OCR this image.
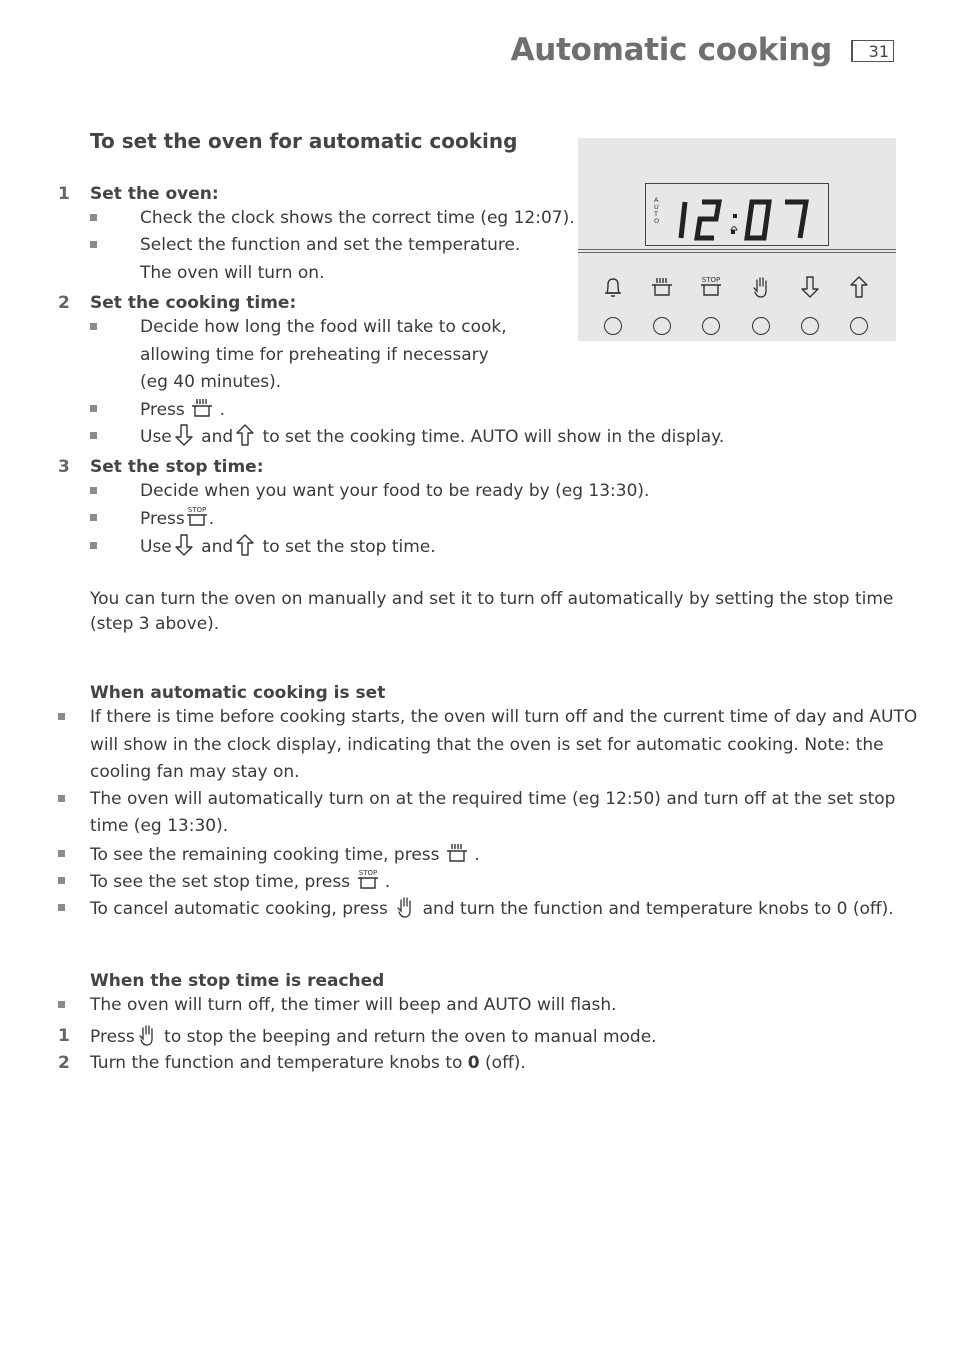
Automatic cooking	31
A U T O
To set the oven for automatic cooking
1 Set the oven:
Check the clock shows the correct time (eg 12:07).
Select the function and set the temperature.
The oven will turn on.
2 Set the cooking time:
Decide how long the food will take to cook,
allowing time for preheating if necessary
(eg 40 minutes).
Press .
Use and to set the cooking time. AUTO will show in the display.
3 Set the stop time:
Decide when you want your food to be ready by (eg 13:30).
Press .
Use and to set the stop time.
You can turn the oven on manually and set it to turn off automatically by setting the stop time
(step 3 above).
When automatic cooking is set
If there is time before cooking starts, the oven will turn off and the current time of day and AUTO
will show in the clock display, indicating that the oven is set for automatic cooking. Note: the
cooling fan may stay on.
The oven will automatically turn on at the required time (eg 12:50) and turn off at the set stop
time (eg 13:30).
To see the remaining cooking time, press .
To see the set stop time, press .
To cancel automatic cooking, press and turn the function and temperature knobs to 0 (off).
When the stop time is reached
The oven will turn off, the timer will beep and AUTO will flash.
1 Press to stop the beeping and return the oven to manual mode.
2 Turn the function and temperature knobs to 0 (off).
